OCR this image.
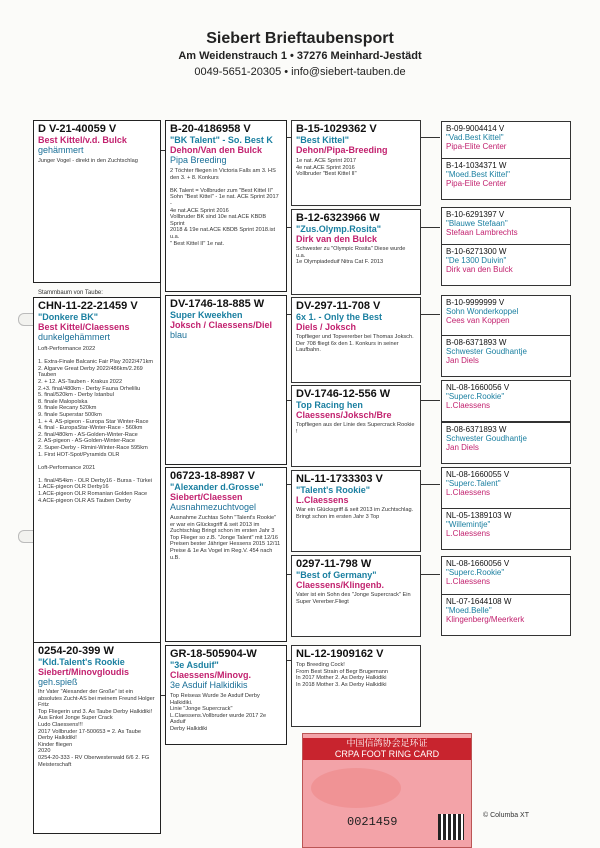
Siebert Brieftaubensport
Am Weidenstrauch 1 • 37276 Meinhard-Jestädt
0049-5651-20305 • info@siebert-tauben.de
D V-21-40059 V
Best Kittel/v.d. Bulck
gehämmert
Junger Vogel - direkt in den Zuchtschlag
Stammbaum von Taube:
CHN-11-22-21459 V
"Donkere BK"
Best Kittel/Claessens
dunkelgehämmert
Loft-Performance 2022

1. Extra-Finale Balcanic Fair Play 2022/471km
2. Algarve Great Derby 2022/486km/2.269 Tauben
2. + 12. AS-Tauben - Krakus 2022
2.+3. final/480km - Derby Fauna Orheliliu
5. final/520km - Derby Istanbul
8. finale Malopolska
9. finale Recany 520km
9. finale Superstar 500km
1. + 4. AS-pigeon - Europa Star Winter-Race
4. final - EuropaStar-Winter-Race - 560km
2. final/480km - AS-Golden-Winter-Race
2. AS-pigeon - AS-Golden-Winter-Race
2. Super-Derby - Rimini-Winter-Race 595km
1. First HOT-Spot/Pyramids OLR

Loft-Performance 2021

1. final/454km - OLR Derby16 - Bursa - Türkei
1.ACE-pigeon OLR Derby16
1.ACE-pigeon OLR Romanian Golden Race
4.ACE-pigeon OLR AS Tauben Derby
0254-20-399 W
"Kld.Talent's Rookie
Siebert/Minovgloudis
geh.spieß
Ihr Vater "Alexander der Große" ist ein absolutes Zucht-AS bei meinem Freund Holger Fritz
Top Fliegerin und 3. As Taube Derby Halkidiki!
Aus Enkel Jonge Super Crack
Ludo Claessens!!!
2017 Vollbruder 17-500653 = 2. As Taube Derby Halkidiki!
Kinder fliegen
2020
0254-20-333 - RV Oberwesterwald 6/6 2. FG Meisterschaft
B-20-4186958 V
"BK Talent" - So. Best K
Dehon/Van den Bulck
Pipa Breeding
2 Töchter fliegen in Victoria Falls am 3. HS den 3. + 8. Konkurs

BK Talent = Vollbruder zum "Best Kittel II"
Sohn "Best Kittel" - 1e nat. ACE Sprint 2017 -
4e nat.ACE Sprint 2016
Vollbruder BK sind 10e nat.ACE KBDB Sprint
2018 & 19e nat.ACE KBDB Sprint 2018.ist u.a.
" Best Kittel II" 1e nat.
DV-1746-18-885 W
Super Kweekhen
Joksch / Claessens/Diel
blau
06723-18-8987 V
"Alexander d.Grosse"
Siebert/Claessen
Ausnahmezuchtvogel
Ausnahme Zuchtas Sohn "Talent's Rookie" er war ein Glücksgriff & seit 2013 im Zuchtschlag Bringt schon im ersten Jahr 3 Top Flieger so z.B. "Jonge Talent" mit 12/16 Preisen bester Jähriger Hessens 2015 12/11 Preise & 1e As Vogel im Reg.V. 454 nach u.B.
GR-18-505904-W
"3e Asduif"
Claessens/Minovg.
3e Asduif Halkidikis
Top Reiseas Wurde 3e Asduif Derby Halkidiki.
Linie "Jonge Supercrack"
L.Claessens.Vollbruder wurde 2017 2e Asduif
Derby Halkidiki
B-15-1029362 V
"Best Kittel"
Dehon/Pipa-Breeding
1e nat. ACE Sprint 2017
4e nat.ACE Sprint 2016
Vollbruder "Best Kittel II"
B-12-6323966 W
"Zus.Olymp.Rosita"
Dirk van den Bulck
Schwester zu "Olympic Rosita" Diese wurde u.a.
1e Olympiadeduif Nitra Cat F. 2013
DV-297-11-708 V
6x 1. - Only the Best
Diels / Joksch
Topflieger und Topvererber bei Thomas Joksch. Der 708 fliegt 6x den 1. Konkurs in seiner Laufbahn.
DV-1746-12-556 W
Top Racing hen
Claessens/Joksch/Bre
Topfliegen aus der Linie des Supercrack Rookie !
NL-11-1733303 V
"Talent's Rookie"
L.Claessens
War ein Glücksgriff & seit 2013 im Zuchtschlag.
Bringt schon im ersten Jahr 3 Top
0297-11-798 W
"Best of Germany"
Claessens/Klingenb.
Vater ist ein Sohn des "Jonge Supercrack" Ein Super Vererber.Fliegt
NL-12-1909162 V
Top Breeding Cock!
From Best Strain of Begr Brugemann
In 2017 Mother 2. As Derby Halkidiki
In 2018 Mother 3. As Derby Halkidiki
B-09-9004414 V
"Vad.Best Kittel"
Pipa-Elite Center
B-14-1034371 W
"Moed.Best Kittel"
Pipa-Elite Center
B-10-6291397 V
"Blauwe Stefaan"
Stefaan Lambrechts
B-10-6271300 W
"De 1300 Duivin"
Dirk van den Bulck
B-10-9999999 V
Sohn Wonderkoppel
Cees van Koppen
B-08-6371893 W
Schwester Goudhantje
Jan Diels
NL-08-1660056 V
"Superc.Rookie"
L.Claessens
B-08-6371893 W
Schwester Goudhantje
Jan Diels
NL-08-1660055 V
"Superc.Talent"
L.Claessens
NL-05-1389103 W
"Willemintje"
L.Claessens
NL-08-1660056 V
"Superc.Rookie"
L.Claessens
NL-07-1644108 W
"Moed.Belle"
Klingenberg/Meerkerk
中国信鸽协会足环证
CRPA FOOT RING CARD
0021459	© Columba XT
